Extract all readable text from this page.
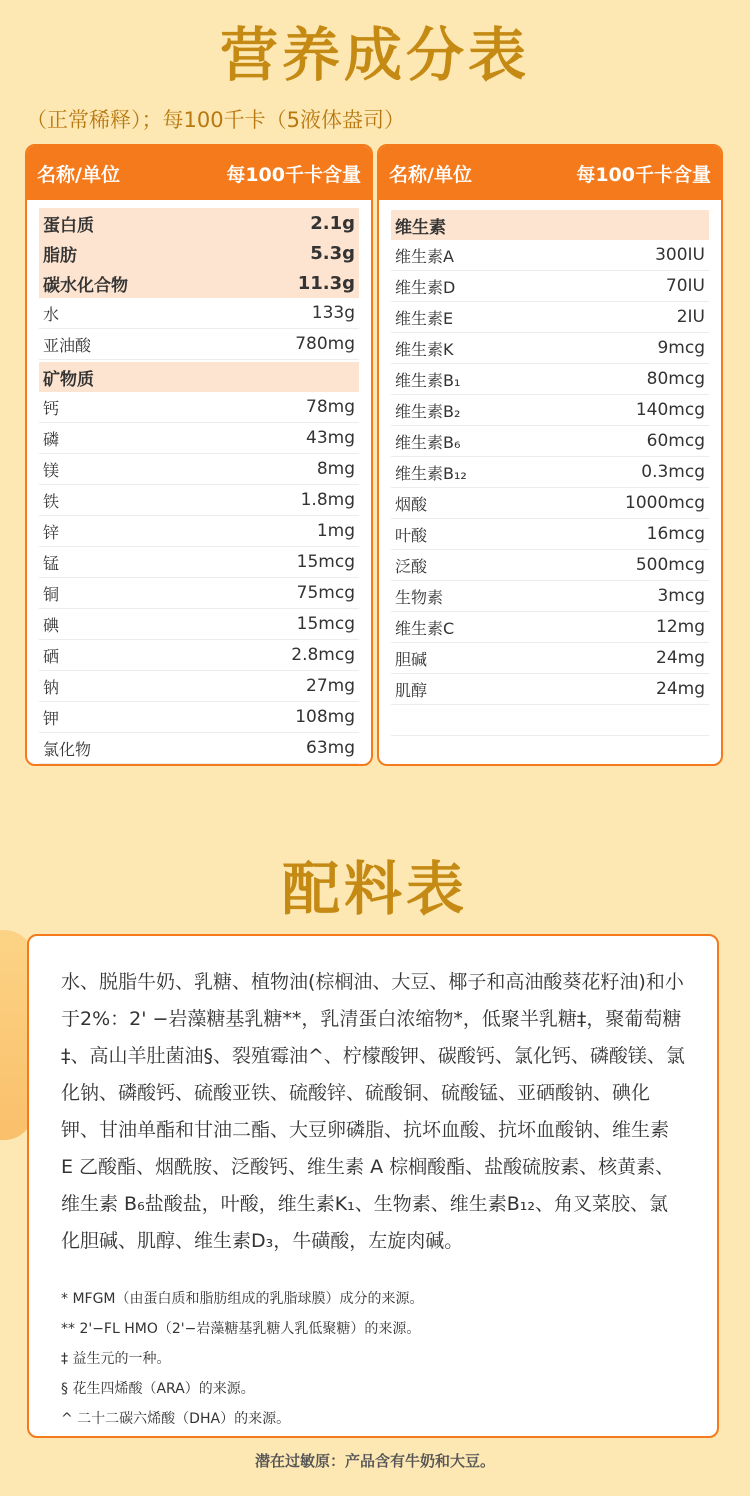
营养成分表
（正常稀释）；每100千卡（5液体盎司）
名称/单位	每100千卡含量
蛋白质	2.1g
脂肪	5.3g
碳水化合物	11.3g
水	133g
亚油酸	780mg
矿物质
钙	78mg
磷	43mg
镁	8mg
铁	1.8mg
锌	1mg
锰	15mcg
铜	75mcg
碘	15mcg
硒	2.8mcg
钠	27mg
钾	108mg
氯化物	63mg
名称/单位	每100千卡含量
维生素
维生素A	300IU
维生素D	70IU
维生素E	2IU
维生素K	9mcg
维生素B₁	80mcg
维生素B₂	140mcg
维生素B₆	60mcg
维生素B₁₂	0.3mcg
烟酸	1000mcg
叶酸	16mcg
泛酸	500mcg
生物素	3mcg
维生素C	12mg
胆碱	24mg
肌醇	24mg
配料表
水、脱脂牛奶、乳糖、植物油(棕榈油、大豆、椰子和高油酸葵花籽油)和小于2%：2' −岩藻糖基乳糖**，乳清蛋白浓缩物*，低聚半乳糖‡，聚葡萄糖‡、高山羊肚菌油§、裂殖霉油^、柠檬酸钾、碳酸钙、氯化钙、磷酸镁、氯化钠、磷酸钙、硫酸亚铁、硫酸锌、硫酸铜、硫酸锰、亚硒酸钠、碘化钾、甘油单酯和甘油二酯、大豆卵磷脂、抗坏血酸、抗坏血酸钠、维生素 E 乙酸酯、烟酰胺、泛酸钙、维生素 A 棕榈酸酯、盐酸硫胺素、核黄素、维生素 B₆盐酸盐，叶酸，维生素K₁、生物素、维生素B₁₂、角叉菜胶、氯化胆碱、肌醇、维生素D₃，牛磺酸，左旋肉碱。
* MFGM（由蛋白质和脂肪组成的乳脂球膜）成分的来源。
** 2'−FL HMO（2'−岩藻糖基乳糖人乳低聚糖）的来源。
‡ 益生元的一种。
§ 花生四烯酸（ARA）的来源。
^ 二十二碳六烯酸（DHA）的来源。
潜在过敏原：产品含有牛奶和大豆。
